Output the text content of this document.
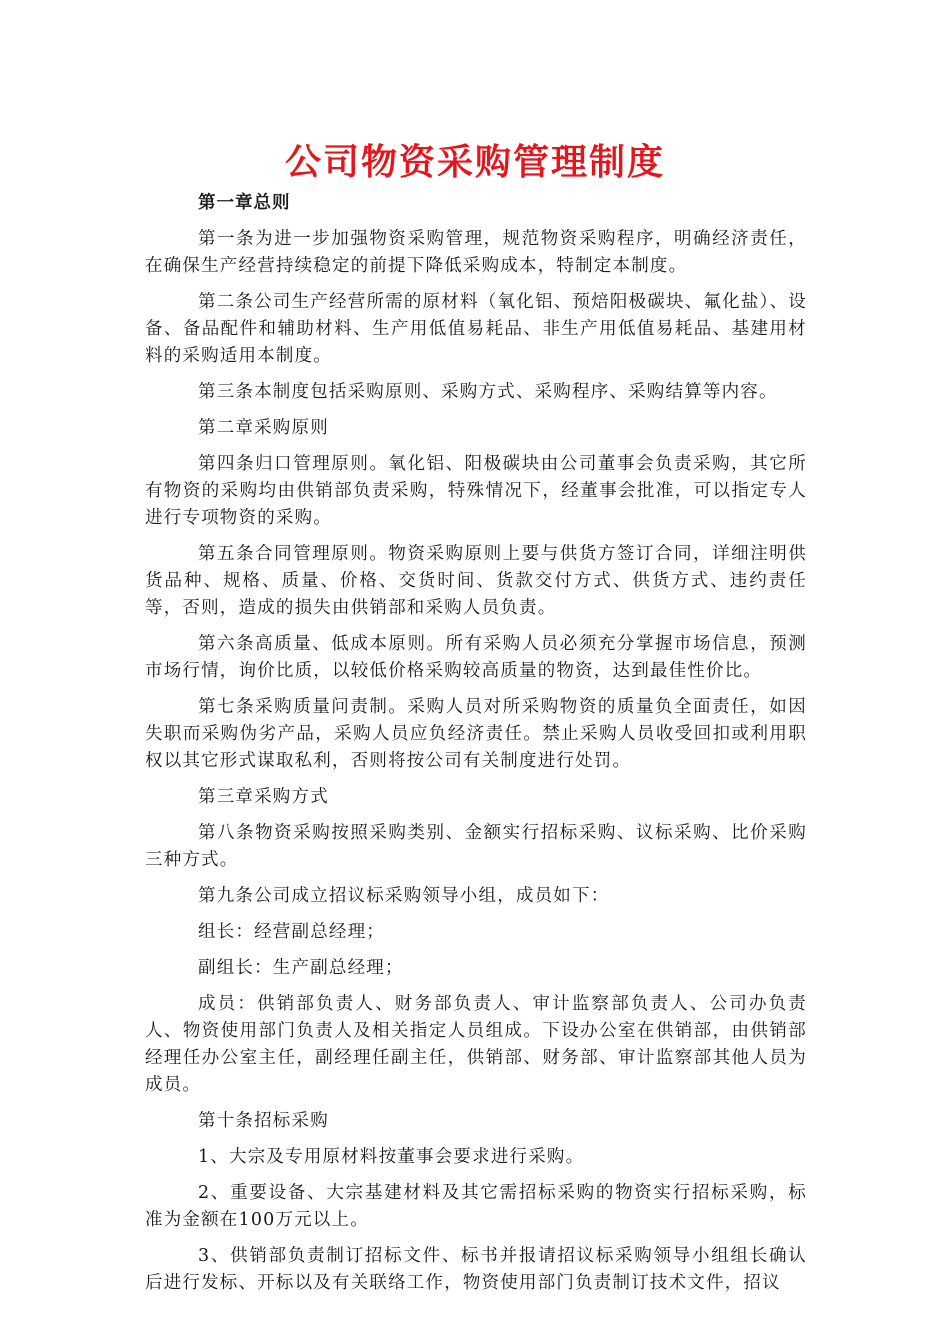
公司物资采购管理制度

第一章总则

第一条为进一步加强物资采购管理，规范物资采购程序，明确经济责任，在确保生产经营持续稳定的前提下降低采购成本，特制定本制度。

第二条公司生产经营所需的原材料（氧化铝、预焙阳极碳块、氟化盐）、设备、备品配件和辅助材料、生产用低值易耗品、非生产用低值易耗品、基建用材料的采购适用本制度。

第三条本制度包括采购原则、采购方式、采购程序、采购结算等内容。

第二章采购原则

第四条归口管理原则。氧化铝、阳极碳块由公司董事会负责采购，其它所有物资的采购均由供销部负责采购，特殊情况下，经董事会批准，可以指定专人进行专项物资的采购。

第五条合同管理原则。物资采购原则上要与供货方签订合同，详细注明供货品种、规格、质量、价格、交货时间、货款交付方式、供货方式、违约责任等，否则，造成的损失由供销部和采购人员负责。

第六条高质量、低成本原则。所有采购人员必须充分掌握市场信息，预测市场行情，询价比质，以较低价格采购较高质量的物资，达到最佳性价比。

第七条采购质量问责制。采购人员对所采购物资的质量负全面责任，如因失职而采购伪劣产品，采购人员应负经济责任。禁止采购人员收受回扣或利用职权以其它形式谋取私利，否则将按公司有关制度进行处罚。

第三章采购方式

第八条物资采购按照采购类别、金额实行招标采购、议标采购、比价采购三种方式。

第九条公司成立招议标采购领导小组，成员如下：

组长：经营副总经理；

副组长：生产副总经理；

成员：供销部负责人、财务部负责人、审计监察部负责人、公司办负责人、物资使用部门负责人及相关指定人员组成。下设办公室在供销部，由供销部经理任办公室主任，副经理任副主任，供销部、财务部、审计监察部其他人员为成员。

第十条招标采购

1、大宗及专用原材料按董事会要求进行采购。

2、重要设备、大宗基建材料及其它需招标采购的物资实行招标采购，标准为金额在100万元以上。

3、供销部负责制订招标文件、标书并报请招议标采购领导小组组长确认后进行发标、开标以及有关联络工作，物资使用部门负责制订技术文件，招议
